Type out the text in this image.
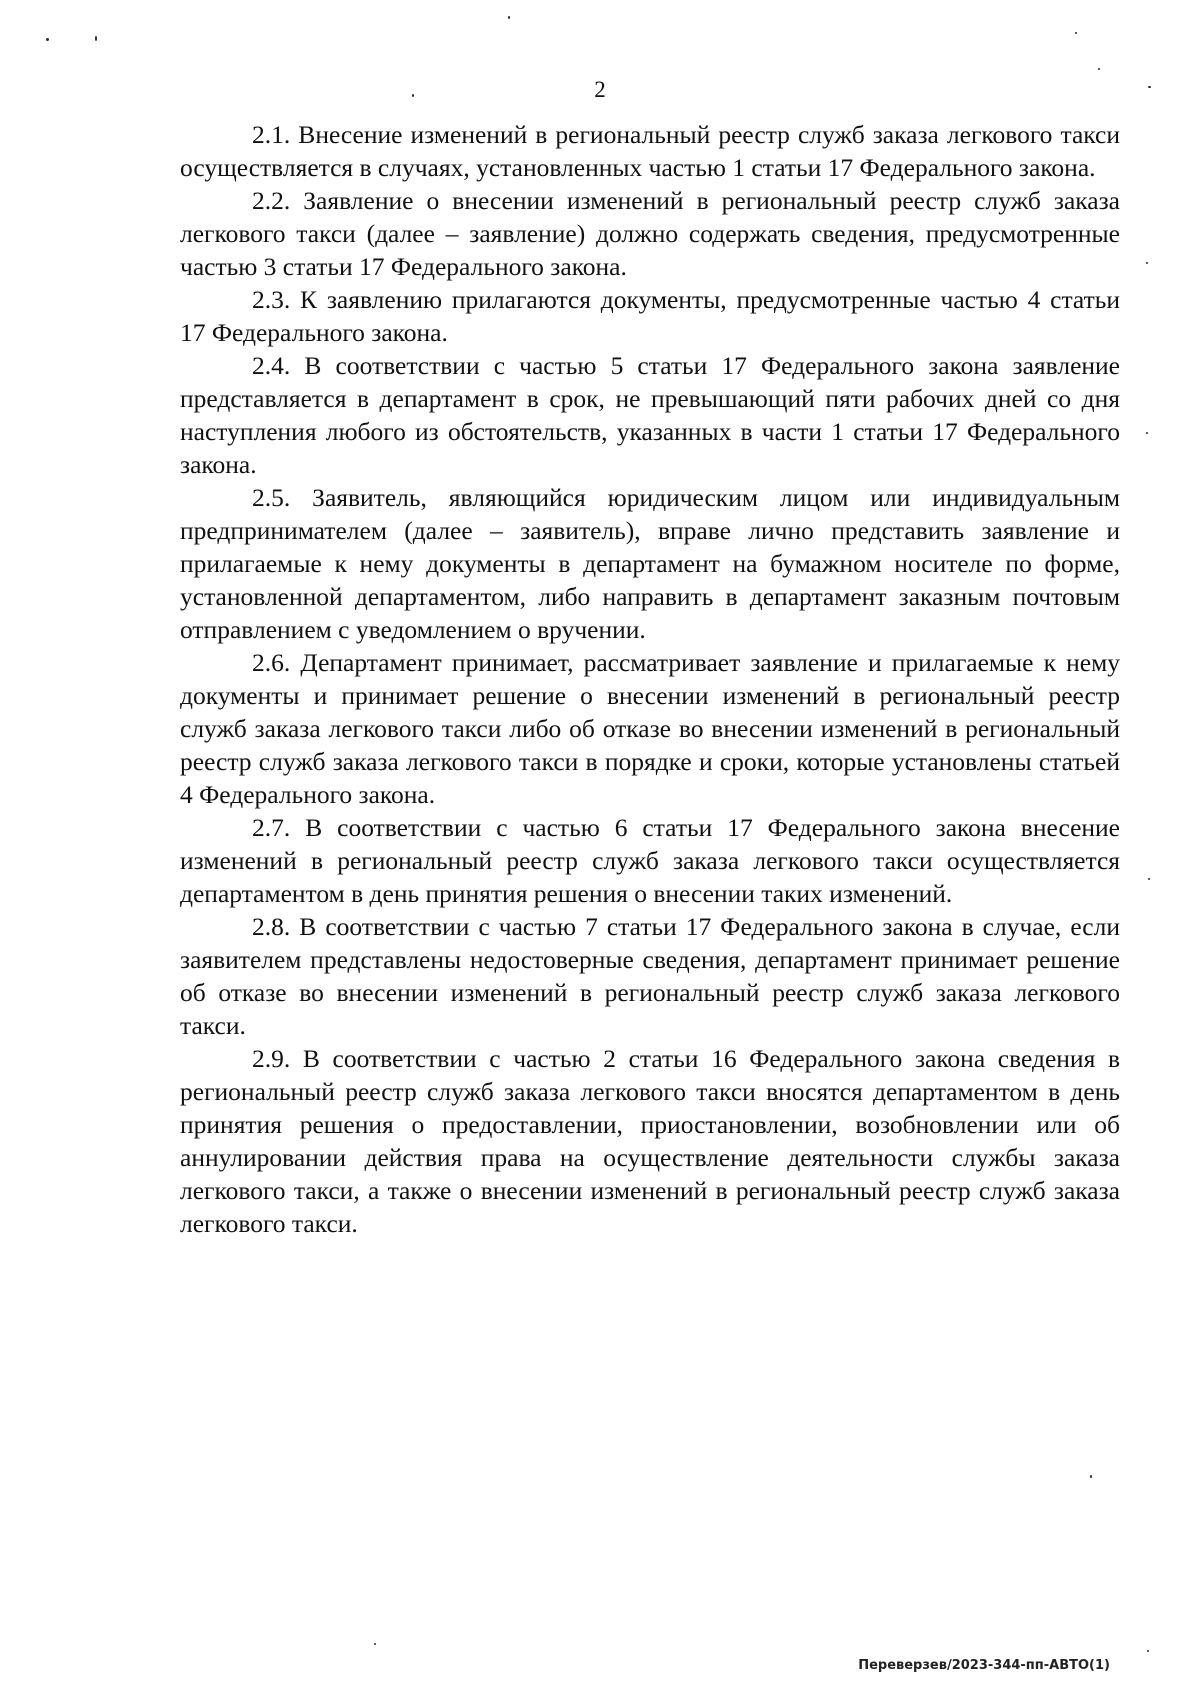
2

2.1. Внесение изменений в региональный реестр служб заказа легкового такси осуществляется в случаях, установленных частью 1 статьи 17 Федерального закона.

2.2. Заявление о внесении изменений в региональный реестр служб заказа легкового такси (далее – заявление) должно содержать сведения, предусмотренные частью 3 статьи 17 Федерального закона.

2.3. К заявлению прилагаются документы, предусмотренные частью 4 статьи 17 Федерального закона.

2.4. В соответствии с частью 5 статьи 17 Федерального закона заявление представляется в департамент в срок, не превышающий пяти рабочих дней со дня наступления любого из обстоятельств, указанных в части 1 статьи 17 Федерального закона.

2.5. Заявитель, являющийся юридическим лицом или индивидуальным предпринимателем (далее – заявитель), вправе лично представить заявление и прилагаемые к нему документы в департамент на бумажном носителе по форме, установленной департаментом, либо направить в департамент заказным почтовым отправлением с уведомлением о вручении.

2.6. Департамент принимает, рассматривает заявление и прилагаемые к нему документы и принимает решение о внесении изменений в региональный реестр служб заказа легкового такси либо об отказе во внесении изменений в региональный реестр служб заказа легкового такси в порядке и сроки, которые установлены статьей 4 Федерального закона.

2.7. В соответствии с частью 6 статьи 17 Федерального закона внесение изменений в региональный реестр служб заказа легкового такси осуществляется департаментом в день принятия решения о внесении таких изменений.

2.8. В соответствии с частью 7 статьи 17 Федерального закона в случае, если заявителем представлены недостоверные сведения, департамент принимает решение об отказе во внесении изменений в региональный реестр служб заказа легкового такси.

2.9. В соответствии с частью 2 статьи 16 Федерального закона сведения в региональный реестр служб заказа легкового такси вносятся департаментом в день принятия решения о предоставлении, приостановлении, возобновлении или об аннулировании действия права на осуществление деятельности службы заказа легкового такси, а также о внесении изменений в региональный реестр служб заказа легкового такси.

Переверзев/2023-344-пп-АВТО(1)
